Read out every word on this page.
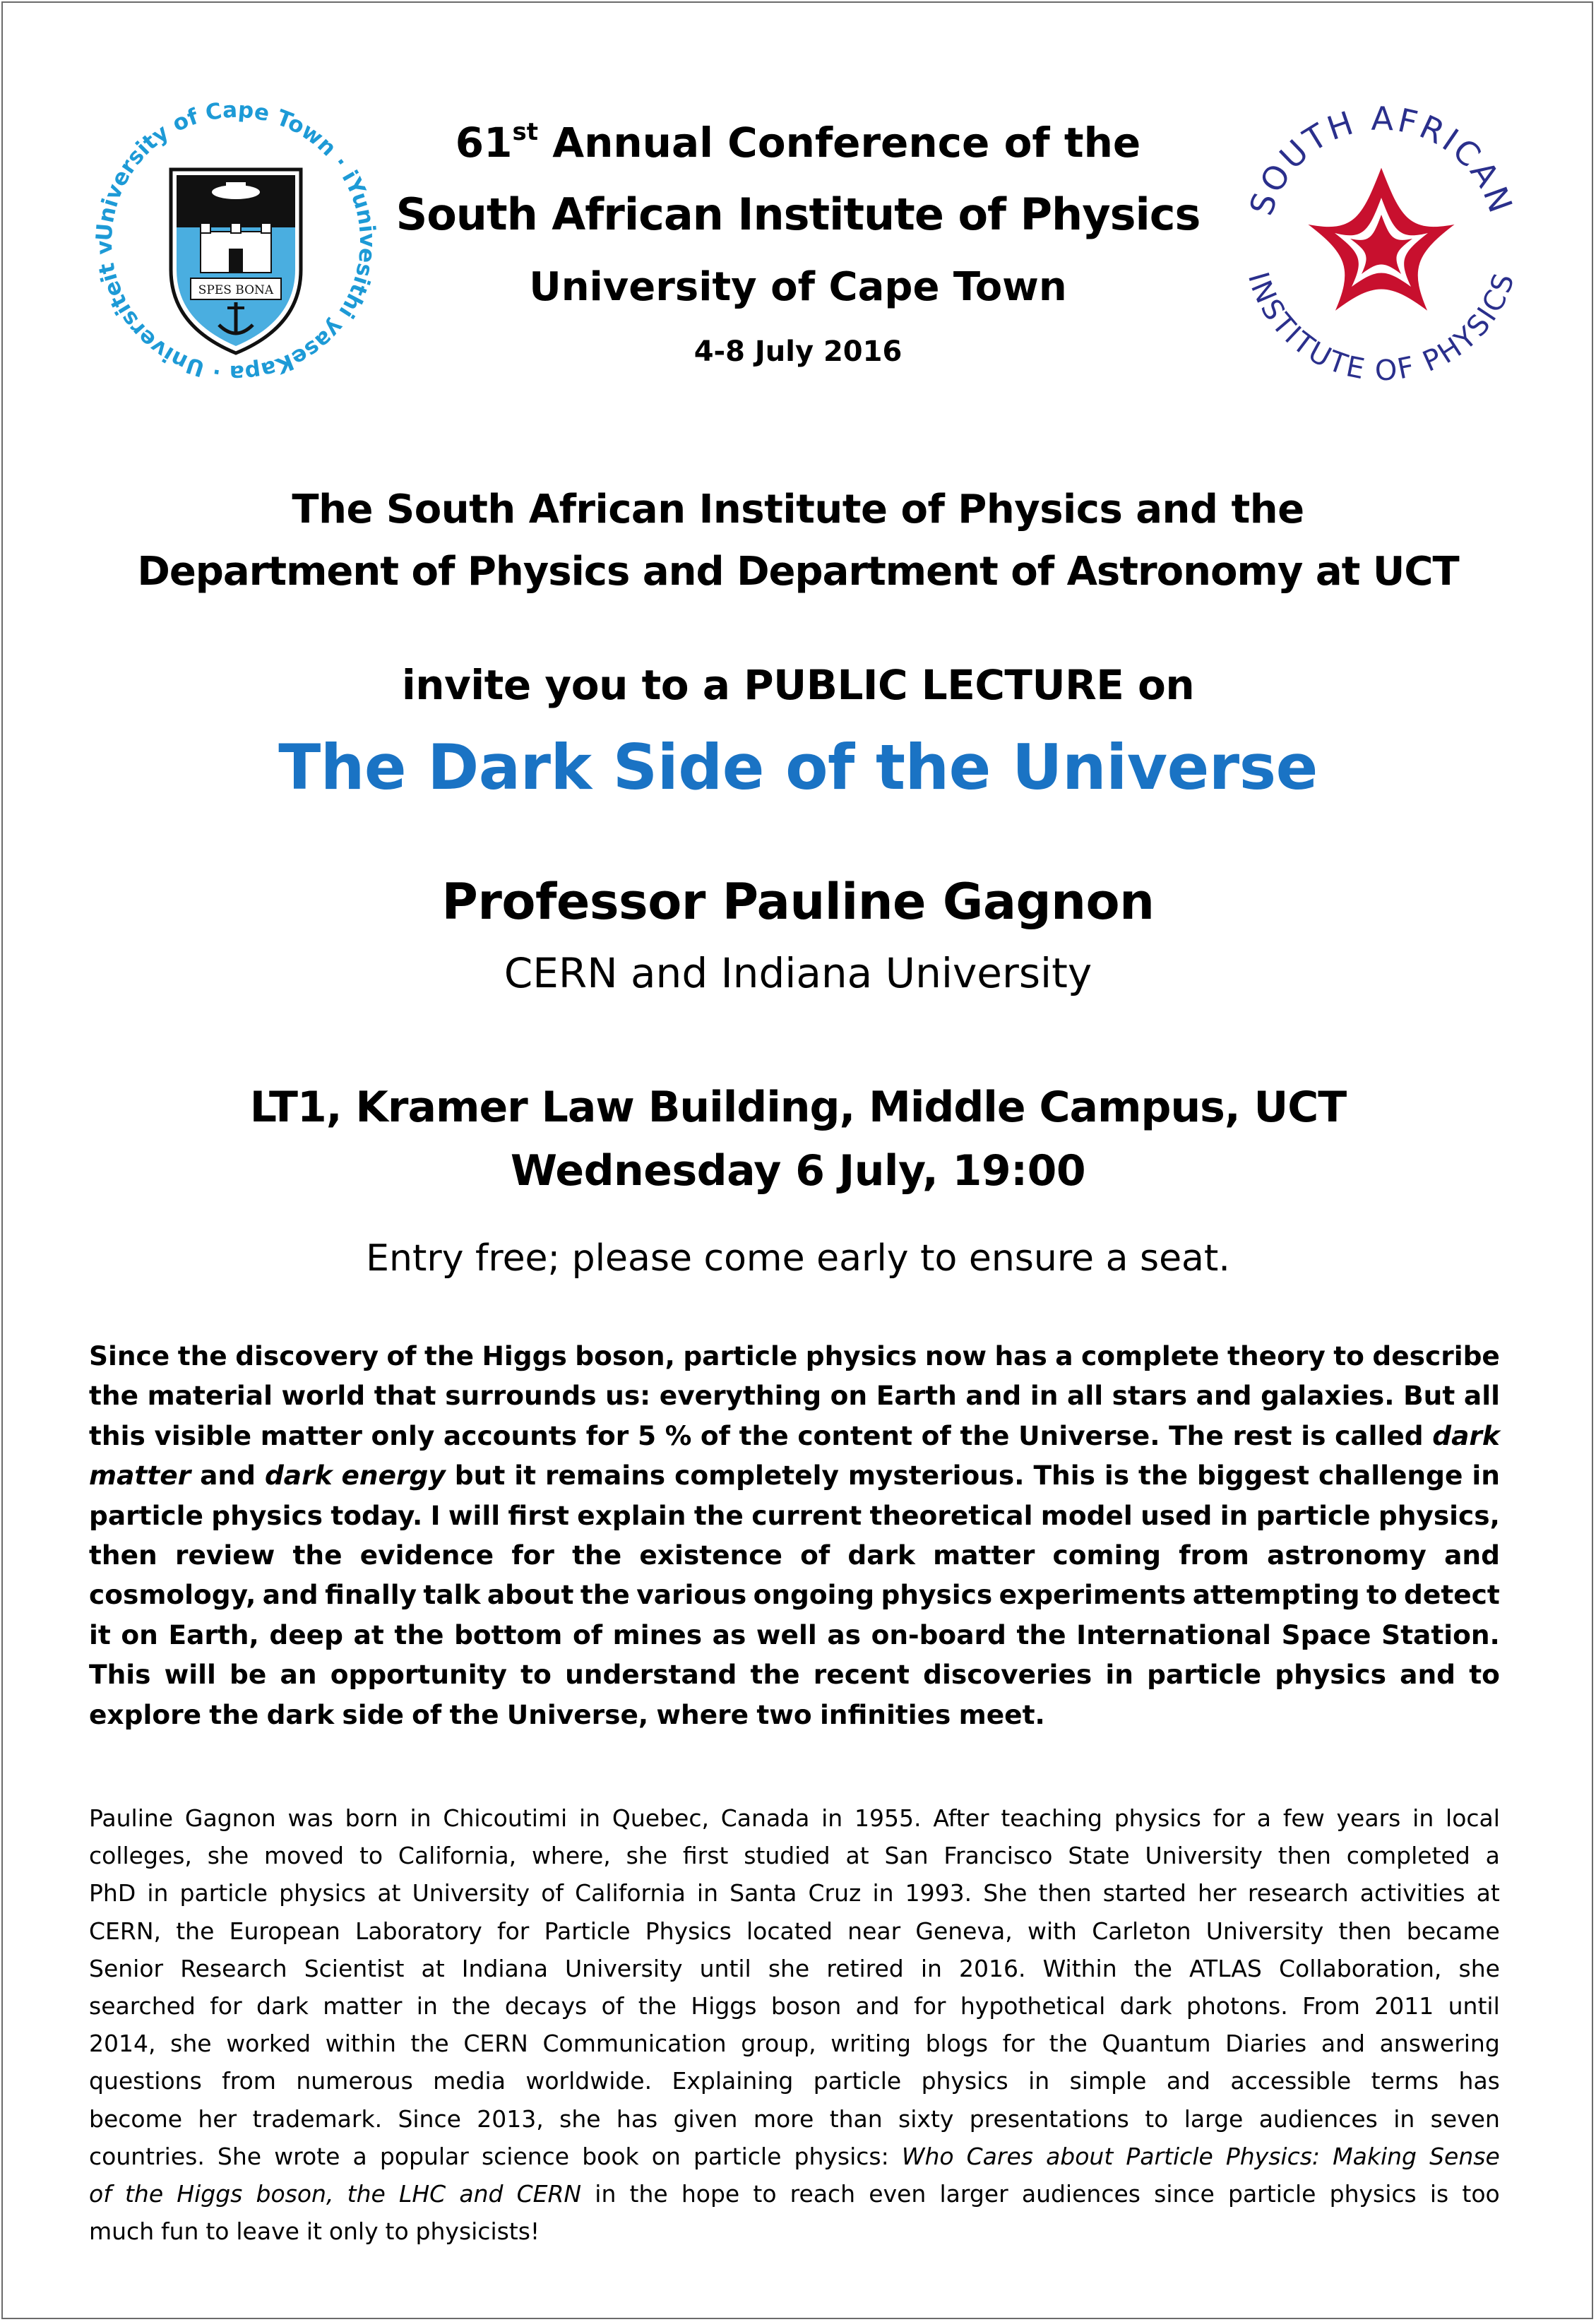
University of Cape Town · iYunivesithi yaseKapa · Universiteit v
SPES BONA
SOUTH AFRICAN
INSTITUTE OF PHYSICS
61st Annual Conference of the
South African Institute of Physics
University of Cape Town
4-8 July 2016
The South African Institute of Physics and the
Department of Physics and Department of Astronomy at UCT
invite you to a PUBLIC LECTURE on
The Dark Side of the Universe
Professor Pauline Gagnon
CERN and Indiana University
LT1, Kramer Law Building, Middle Campus, UCT
Wednesday 6 July, 19:00
Entry free; please come early to ensure a seat.
Since the discovery of the Higgs boson, particle physics now has a complete theory to describe
the material world that surrounds us: everything on Earth and in all stars and galaxies. But all
this visible matter only accounts for 5 % of the content of the Universe. The rest is called dark
matter and dark energy but it remains completely mysterious. This is the biggest challenge in
particle physics today. I will first explain the current theoretical model used in particle physics,
then review the evidence for the existence of dark matter coming from astronomy and
cosmology, and finally talk about the various ongoing physics experiments attempting to detect
it on Earth, deep at the bottom of mines as well as on-board the International Space Station.
This will be an opportunity to understand the recent discoveries in particle physics and to
explore the dark side of the Universe, where two infinities meet.
Pauline Gagnon was born in Chicoutimi in Quebec, Canada in 1955. After teaching physics for a few years in local
colleges, she moved to California, where, she first studied at San Francisco State University then completed a
PhD in particle physics at University of California in Santa Cruz in 1993. She then started her research activities at
CERN, the European Laboratory for Particle Physics located near Geneva, with Carleton University then became
Senior Research Scientist at Indiana University until she retired in 2016. Within the ATLAS Collaboration, she
searched for dark matter in the decays of the Higgs boson and for hypothetical dark photons. From 2011 until
2014, she worked within the CERN Communication group, writing blogs for the Quantum Diaries and answering
questions from numerous media worldwide. Explaining particle physics in simple and accessible terms has
become her trademark. Since 2013, she has given more than sixty presentations to large audiences in seven
countries. She wrote a popular science book on particle physics: Who Cares about Particle Physics: Making Sense
of the Higgs boson, the LHC and CERN in the hope to reach even larger audiences since particle physics is too
much fun to leave it only to physicists!
